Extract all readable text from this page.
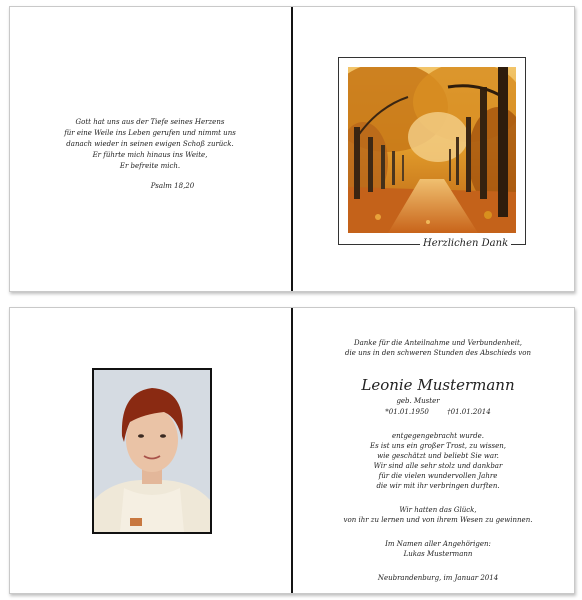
Gott hat uns aus der Tiefe seines Herzens
für eine Weile ins Leben gerufen und nimmt uns
danach wieder in seinen ewigen Schoß zurück.
Er führte mich hinaus ins Weite,
Er befreite mich.
Psalm 18,20
Herzlichen Dank
Danke für die Anteilnahme und Verbundenheit,
die uns in den schweren Stunden des Abschieds von
Leonie Mustermann
geb. Muster
*01.01.1950	†01.01.2014
entgegengebracht wurde.
Es ist uns ein großer Trost, zu wissen,
wie geschätzt und beliebt Sie war.
Wir sind alle sehr stolz und dankbar
für die vielen wundervollen Jahre
die wir mit ihr verbringen durften.
Wir hatten das Glück,
von ihr zu lernen und von ihrem Wesen zu gewinnen.
Im Namen aller Angehörigen:
Lukas Mustermann
Neubrandenburg, im Januar 2014
